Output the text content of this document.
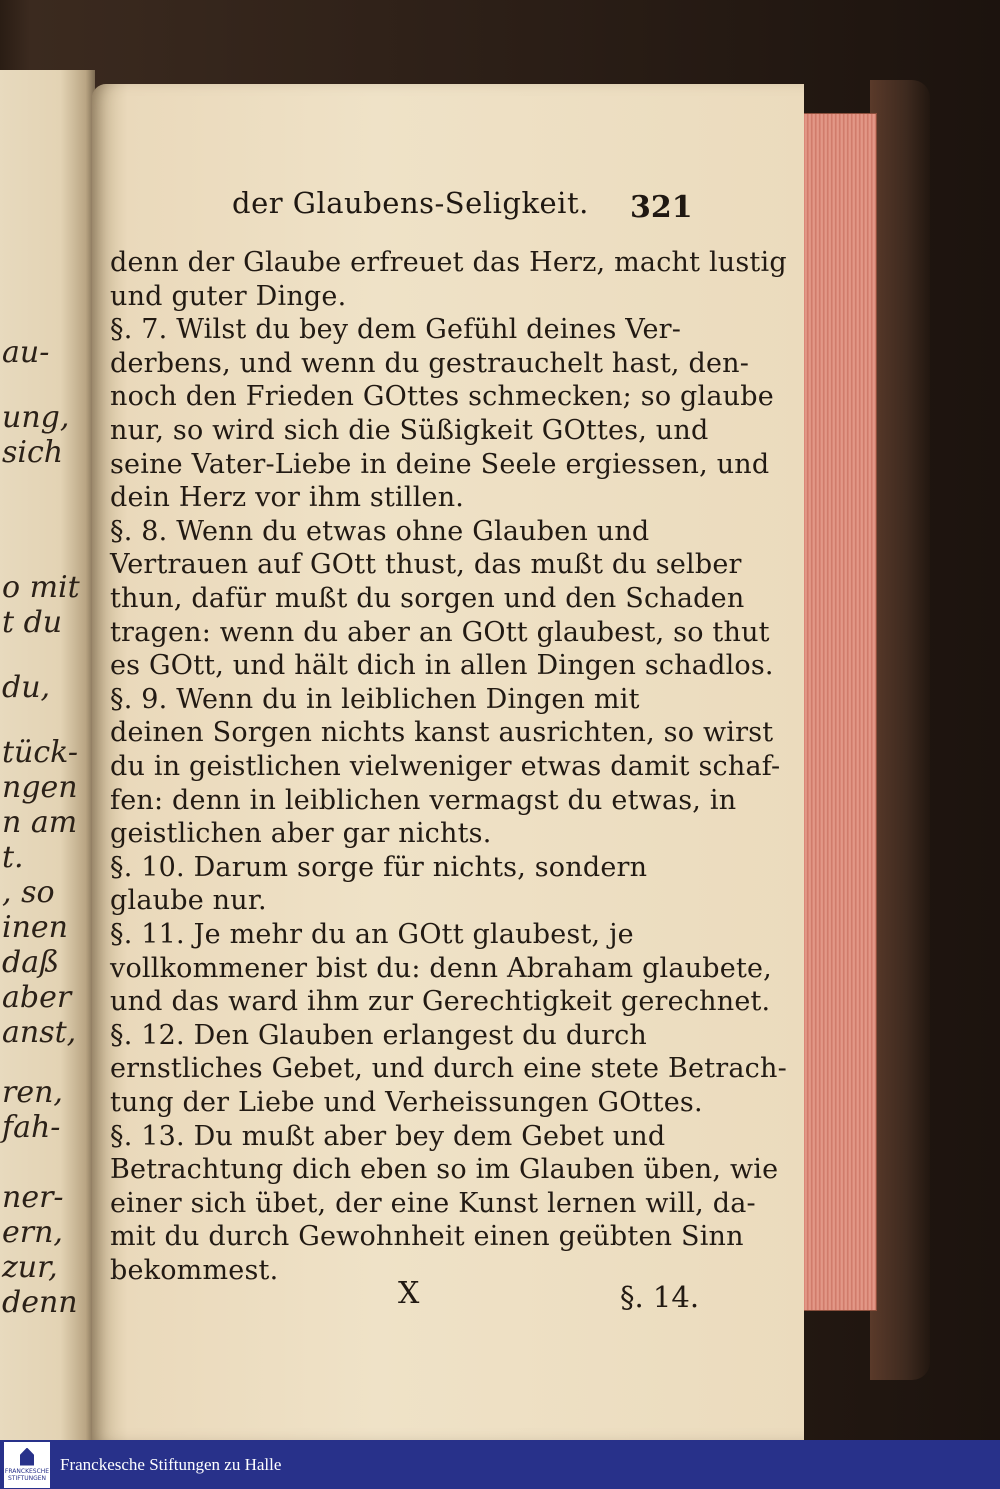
au-
ung,
sich
o mit
t du
du,
tück-
ngen
n am
t.
, so
inen
daß
aber
anst,
ren,
fah-
ner-
ern,
zur,
denn
der Glaubens-Seligkeit. 321
denn der Glaube erfreuet das Herz, macht lustig
und guter Dinge.
§. 7. Wilst du bey dem Gefühl deines Ver-
derbens, und wenn du gestrauchelt hast, den-
noch den Frieden GOttes schmecken; so glaube
nur, so wird sich die Süßigkeit GOttes, und
seine Vater-Liebe in deine Seele ergiessen, und
dein Herz vor ihm stillen.
§. 8. Wenn du etwas ohne Glauben und
Vertrauen auf GOtt thust, das mußt du selber
thun, dafür mußt du sorgen und den Schaden
tragen: wenn du aber an GOtt glaubest, so thut
es GOtt, und hält dich in allen Dingen schadlos.
§. 9. Wenn du in leiblichen Dingen mit
deinen Sorgen nichts kanst ausrichten, so wirst
du in geistlichen vielweniger etwas damit schaf-
fen: denn in leiblichen vermagst du etwas, in
geistlichen aber gar nichts.
§. 10. Darum sorge für nichts, sondern
glaube nur.
§. 11. Je mehr du an GOtt glaubest, je
vollkommener bist du: denn Abraham glaubete,
und das ward ihm zur Gerechtigkeit gerechnet.
§. 12. Den Glauben erlangest du durch
ernstliches Gebet, und durch eine stete Betrach-
tung der Liebe und Verheissungen GOttes.
§. 13. Du mußt aber bey dem Gebet und
Betrachtung dich eben so im Glauben üben, wie
einer sich übet, der eine Kunst lernen will, da-
mit du durch Gewohnheit einen geübten Sinn
bekommest.
X	§. 14.
FRANCKESCHE STIFTUNGEN
Franckesche Stiftungen zu Halle
